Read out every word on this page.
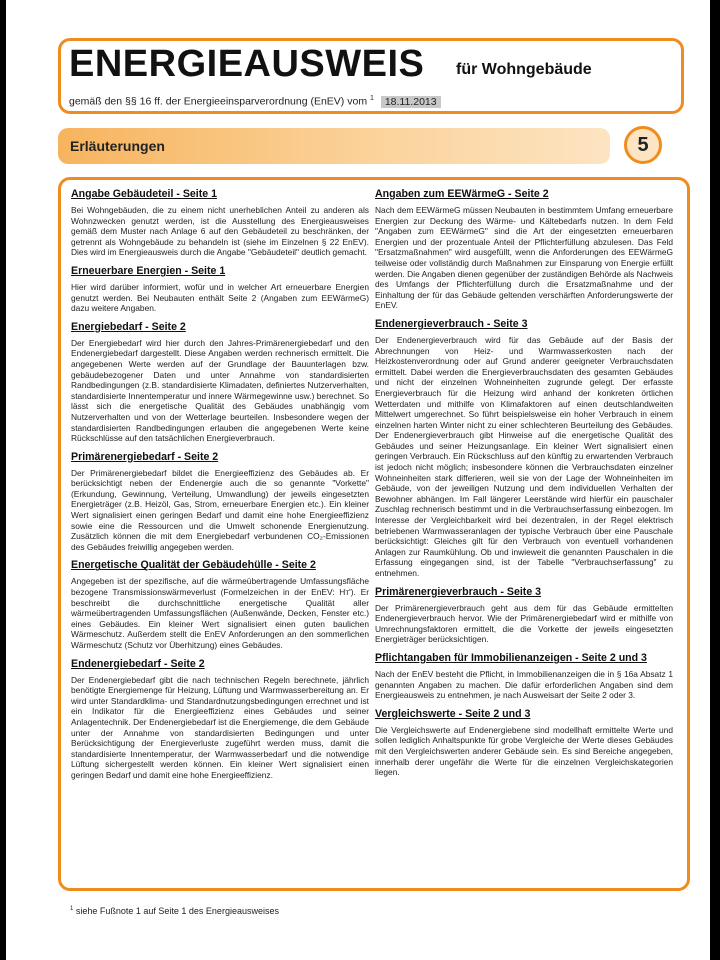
ENERGIEAUSWEIS für Wohngebäude
gemäß den §§ 16 ff. der Energieeinsparverordnung (EnEV) vom $^1$ 18.11.2013
Erläuterungen	5
Angabe Gebäudeteil - Seite 1
Bei Wohngebäuden, die zu einem nicht unerheblichen Anteil zu anderen als Wohnzwecken genutzt werden, ist die Ausstellung des Energieausweises gemäß dem Muster nach Anlage 6 auf den Gebäudeteil zu beschränken, der getrennt als Wohngebäude zu behandeln ist (siehe im Einzelnen § 22 EnEV). Dies wird im Energieausweis durch die Angabe "Gebäudeteil" deutlich gemacht.
Erneuerbare Energien - Seite 1
Hier wird darüber informiert, wofür und in welcher Art erneuerbare Energien genutzt werden. Bei Neubauten enthält Seite 2 (Angaben zum EEWärmeG) dazu weitere Angaben.
Energiebedarf - Seite 2
Der Energiebedarf wird hier durch den Jahres-Primärenergiebedarf und den Endenergiebedarf dargestellt. Diese Angaben werden rechnerisch ermittelt. Die angegebenen Werte werden auf der Grundlage der Bauunterlagen bzw. gebäudebezogener Daten und unter Annahme von standardisierten Randbedingungen (z.B. standardisierte Klimadaten, definiertes Nutzerverhalten, standardisierte Innentemperatur und innere Wärmegewinne usw.) berechnet. So lässt sich die energetische Qualität des Gebäudes unabhängig vom Nutzerverhalten und von der Wetterlage beurteilen. Insbesondere wegen der standardisierten Randbedingungen erlauben die angegebenen Werte keine Rückschlüsse auf den tatsächlichen Energieverbrauch.
Primärenergiebedarf - Seite 2
Der Primärenergiebedarf bildet die Energieeffizienz des Gebäudes ab. Er berücksichtigt neben der Endenergie auch die so genannte "Vorkette" (Erkundung, Gewinnung, Verteilung, Umwandlung) der jeweils eingesetzten Energieträger (z.B. Heizöl, Gas, Strom, erneuerbare Energien etc.). Ein kleiner Wert signalisiert einen geringen Bedarf und damit eine hohe Energieeffizienz sowie eine die Ressourcen und die Umwelt schonende Energienutzung. Zusätzlich können die mit dem Energiebedarf verbundenen CO₂-Emissionen des Gebäudes freiwillig angegeben werden.
Energetische Qualität der Gebäudehülle - Seite 2
Angegeben ist der spezifische, auf die wärmeübertragende Umfassungsfläche bezogene Transmissionswärmeverlust (Formelzeichen in der EnEV: Hᴛ'). Er beschreibt die durchschnittliche energetische Qualität aller wärmeübertragenden Umfassungsflächen (Außenwände, Decken, Fenster etc.) eines Gebäudes. Ein kleiner Wert signalisiert einen guten baulichen Wärmeschutz. Außerdem stellt die EnEV Anforderungen an den sommerlichen Wärmeschutz (Schutz vor Überhitzung) eines Gebäudes.
Endenergiebedarf - Seite 2
Der Endenergiebedarf gibt die nach technischen Regeln berechnete, jährlich benötigte Energiemenge für Heizung, Lüftung und Warmwasserbereitung an. Er wird unter Standardklima- und Standardnutzungsbedingungen errechnet und ist ein Indikator für die Energieeffizienz eines Gebäudes und seiner Anlagentechnik. Der Endenergiebedarf ist die Energiemenge, die dem Gebäude unter der Annahme von standardisierten Bedingungen und unter Berücksichtigung der Energieverluste zugeführt werden muss, damit die standardisierte Innentemperatur, der Warmwasserbedarf und die notwendige Lüftung sichergestellt werden können. Ein kleiner Wert signalisiert einen geringen Bedarf und damit eine hohe Energieeffizienz.
Angaben zum EEWärmeG - Seite 2
Nach dem EEWärmeG müssen Neubauten in bestimmtem Umfang erneuerbare Energien zur Deckung des Wärme- und Kältebedarfs nutzen. In dem Feld "Angaben zum EEWärmeG" sind die Art der eingesetzten erneuerbaren Energien und der prozentuale Anteil der Pflichterfüllung abzulesen. Das Feld "Ersatzmaßnahmen" wird ausgefüllt, wenn die Anforderungen des EEWärmeG teilweise oder vollständig durch Maßnahmen zur Einsparung von Energie erfüllt werden. Die Angaben dienen gegenüber der zuständigen Behörde als Nachweis des Umfangs der Pflichterfüllung durch die Ersatzmaßnahme und der Einhaltung der für das Gebäude geltenden verschärften Anforderungswerte der EnEV.
Endenergieverbrauch - Seite 3
Der Endenergieverbrauch wird für das Gebäude auf der Basis der Abrechnungen von Heiz- und Warmwasserkosten nach der Heizkostenverordnung oder auf Grund anderer geeigneter Verbrauchsdaten ermittelt. Dabei werden die Energieverbrauchsdaten des gesamten Gebäudes und nicht der einzelnen Wohneinheiten zugrunde gelegt. Der erfasste Energieverbrauch für die Heizung wird anhand der konkreten örtlichen Wetterdaten und mithilfe von Klimafaktoren auf einen deutschlandweiten Mittelwert umgerechnet. So führt beispielsweise ein hoher Verbrauch in einem einzelnen harten Winter nicht zu einer schlechteren Beurteilung des Gebäudes. Der Endenergieverbrauch gibt Hinweise auf die energetische Qualität des Gebäudes und seiner Heizungsanlage. Ein kleiner Wert signalisiert einen geringen Verbrauch. Ein Rückschluss auf den künftig zu erwartenden Verbrauch ist jedoch nicht möglich; insbesondere können die Verbrauchsdaten einzelner Wohneinheiten stark differieren, weil sie von der Lage der Wohneinheiten im Gebäude, von der jeweiligen Nutzung und dem individuellen Verhalten der Bewohner abhängen. Im Fall längerer Leerstände wird hierfür ein pauschaler Zuschlag rechnerisch bestimmt und in die Verbrauchserfassung einbezogen. Im Interesse der Vergleichbarkeit wird bei dezentralen, in der Regel elektrisch betriebenen Warmwasseranlagen der typische Verbrauch über eine Pauschale berücksichtigt: Gleiches gilt für den Verbrauch von eventuell vorhandenen Anlagen zur Raumkühlung. Ob und inwieweit die genannten Pauschalen in die Erfassung eingegangen sind, ist der Tabelle "Verbrauchserfassung" zu entnehmen.
Primärenergieverbrauch - Seite 3
Der Primärenergieverbrauch geht aus dem für das Gebäude ermittelten Endenergieverbrauch hervor. Wie der Primärenergiebedarf wird er mithilfe von Umrechnungsfaktoren ermittelt, die die Vorkette der jeweils eingesetzten Energieträger berücksichtigen.
Pflichtangaben für Immobilienanzeigen - Seite 2 und 3
Nach der EnEV besteht die Pflicht, in Immobilienanzeigen die in § 16a Absatz 1 genannten Angaben zu machen. Die dafür erforderlichen Angaben sind dem Energieausweis zu entnehmen, je nach Ausweisart der Seite 2 oder 3.
Vergleichswerte - Seite 2 und 3
Die Vergleichswerte auf Endenergiebene sind modellhaft ermittelte Werte und sollen lediglich Anhaltspunkte für grobe Vergleiche der Werte dieses Gebäudes mit den Vergleichswerten anderer Gebäude sein. Es sind Bereiche angegeben, innerhalb derer ungefähr die Werte für die einzelnen Vergleichskategorien liegen.
$^1$ siehe Fußnote 1 auf Seite 1 des Energieausweises
